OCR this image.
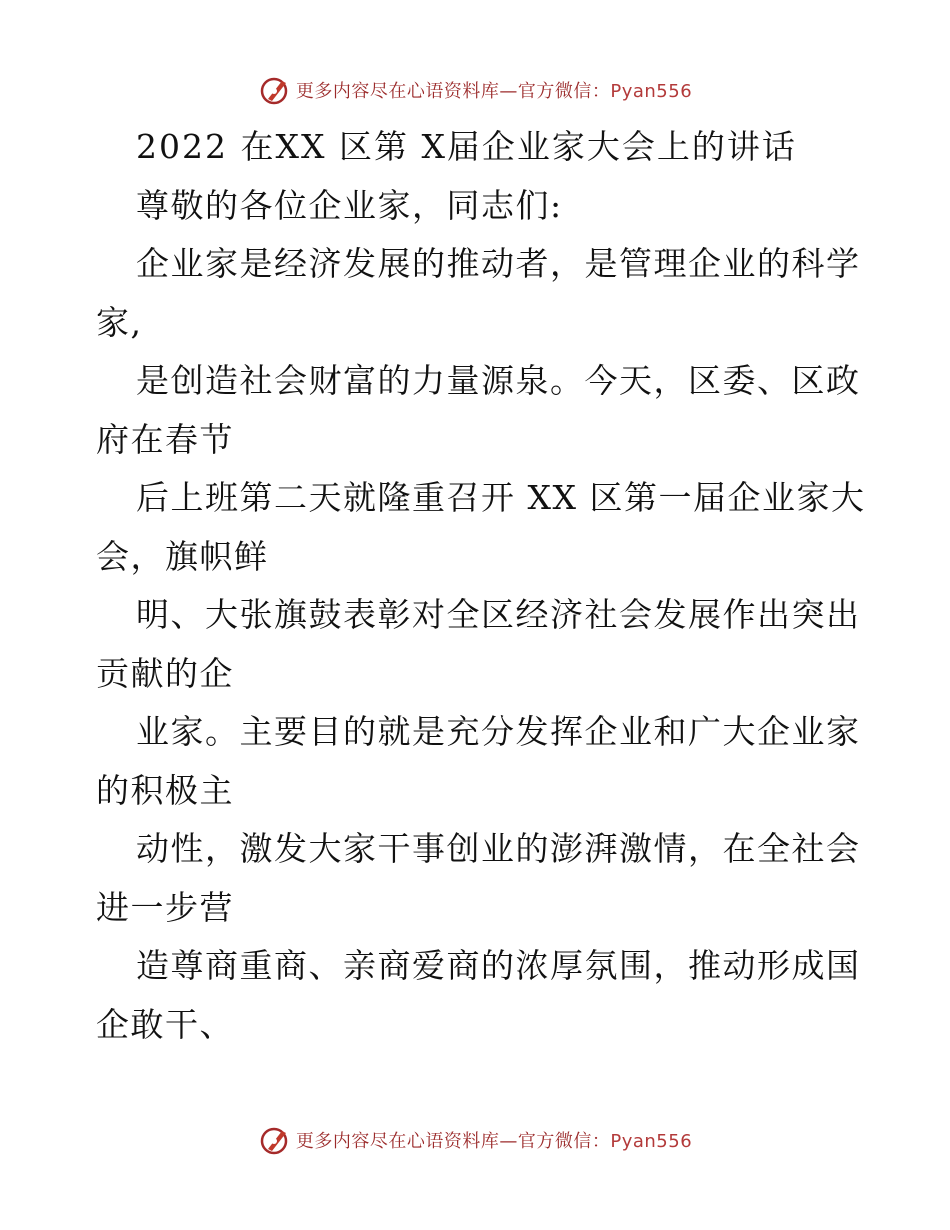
更多内容尽在心语资料库—官方微信：Pyan556
2022 在XX 区第 X届企业家大会上的讲话
尊敬的各位企业家，同志们:
企业家是经济发展的推动者，是管理企业的科学
家,
是创造社会财富的力量源泉。今天，区委、区政
府在春节
后上班第二天就隆重召开 XX 区第一届企业家大
会，旗帜鲜
明、大张旗鼓表彰对全区经济社会发展作出突出
贡献的企
业家。主要目的就是充分发挥企业和广大企业家
的积极主
动性，激发大家干事创业的澎湃激情，在全社会
进一步营
造尊商重商、亲商爱商的浓厚氛围，推动形成国
企敢干、
更多内容尽在心语资料库—官方微信：Pyan556
